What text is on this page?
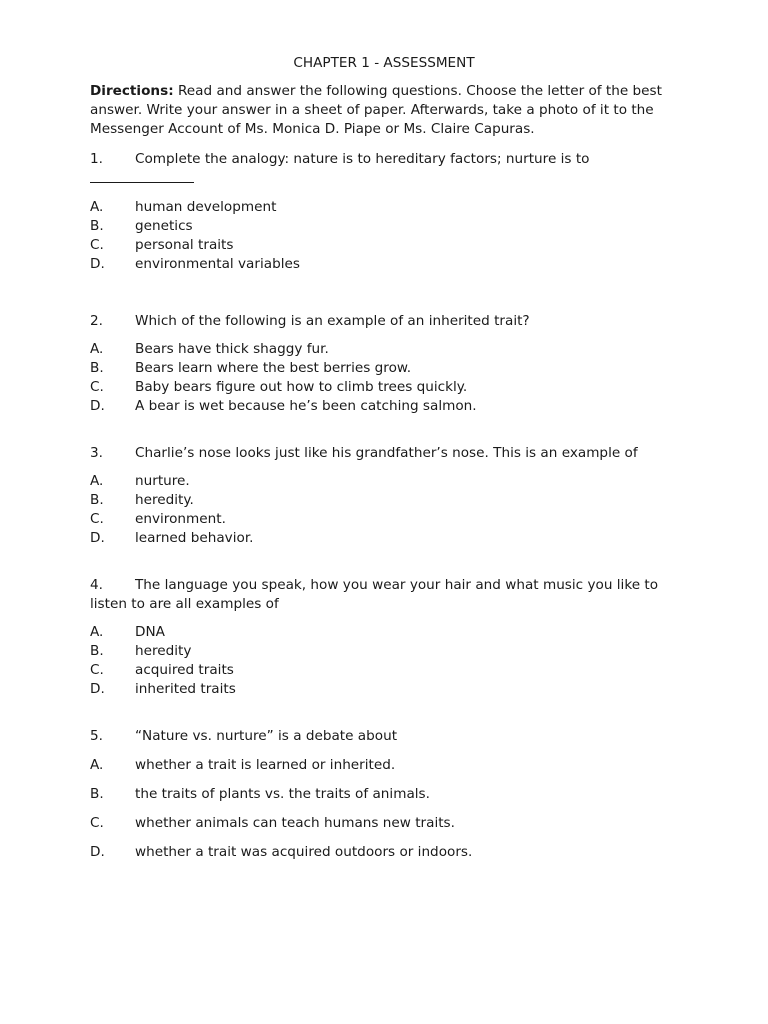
CHAPTER 1 - ASSESSMENT

Directions: Read and answer the following questions. Choose the letter of the best answer. Write your answer in a sheet of paper. Afterwards, take a photo of it to the Messenger Account of Ms. Monica D. Piape or Ms. Claire Capuras.

1. Complete the analogy: nature is to hereditary factors; nurture is to
A. human development
B. genetics
C. personal traits
D. environmental variables
2. Which of the following is an example of an inherited trait?
A. Bears have thick shaggy fur.
B. Bears learn where the best berries grow.
C. Baby bears figure out how to climb trees quickly.
D. A bear is wet because he’s been catching salmon.
3. Charlie’s nose looks just like his grandfather’s nose. This is an example of
A. nurture.
B. heredity.
C. environment.
D. learned behavior.
4. The language you speak, how you wear your hair and what music you like to listen to are all examples of
A. DNA
B. heredity
C. acquired traits
D. inherited traits
5. “Nature vs. nurture” is a debate about
A. whether a trait is learned or inherited.
B. the traits of plants vs. the traits of animals.
C. whether animals can teach humans new traits.
D. whether a trait was acquired outdoors or indoors.
